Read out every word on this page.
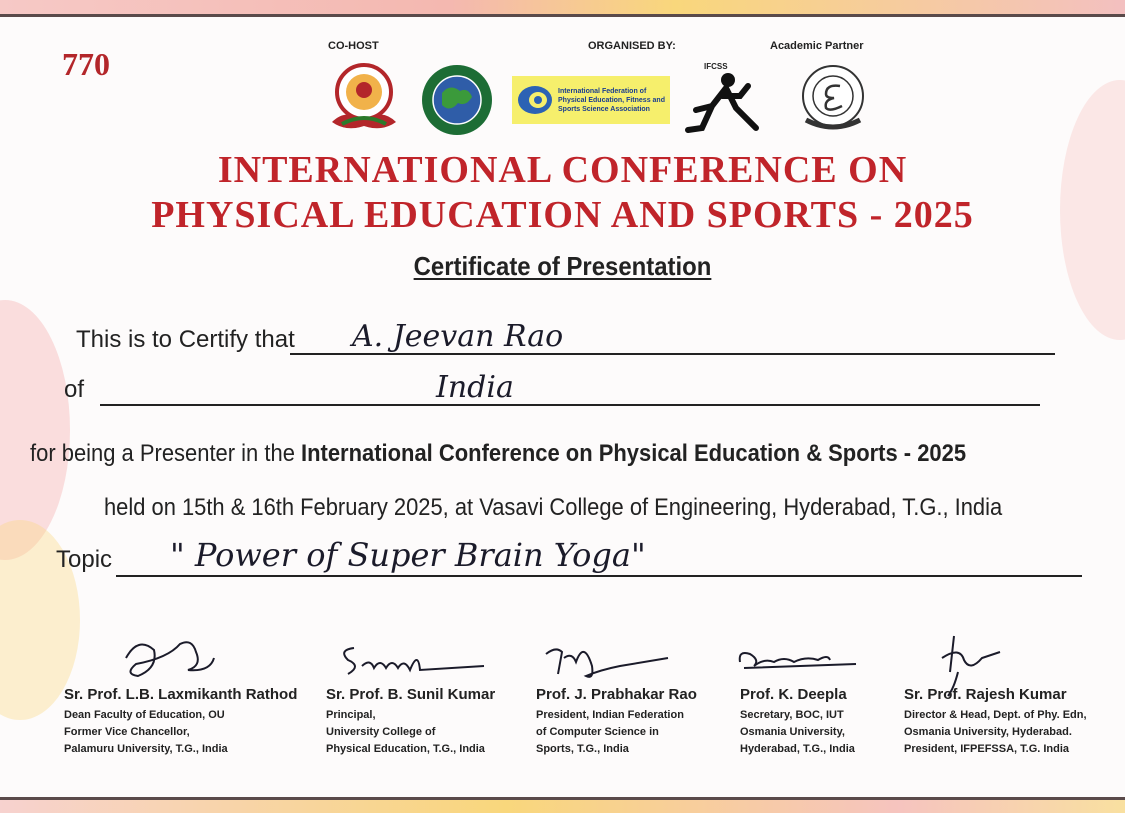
770	CO-HOST	ORGANISED BY:	Academic Partner
International Federation of
Physical Education, Fitness and
Sports Science Association
IFCSS
INTERNATIONAL CONFERENCE ON
PHYSICAL EDUCATION AND SPORTS - 2025
Certificate of Presentation
This is to Certify that A. Jeevan Rao
of	India
for being a Presenter in the International Conference on Physical Education & Sports - 2025
held on 15th & 16th February 2025, at Vasavi College of Engineering, Hyderabad, T.G., India
Topic " Power of Super Brain Yoga"
Sr. Prof. L.B. Laxmikanth Rathod
Dean Faculty of Education, OU
Former Vice Chancellor,
Palamuru University, T.G., India
Sr. Prof. B. Sunil Kumar
Principal,
University College of
Physical Education, T.G., India
Prof. J. Prabhakar Rao
President, Indian Federation
of Computer Science in
Sports, T.G., India
Prof. K. Deepla
Secretary, BOC, IUT
Osmania University,
Hyderabad, T.G., India
Sr. Prof. Rajesh Kumar
Director & Head, Dept. of Phy. Edn,
Osmania University, Hyderabad.
President, IFPEFSSA, T.G. India
